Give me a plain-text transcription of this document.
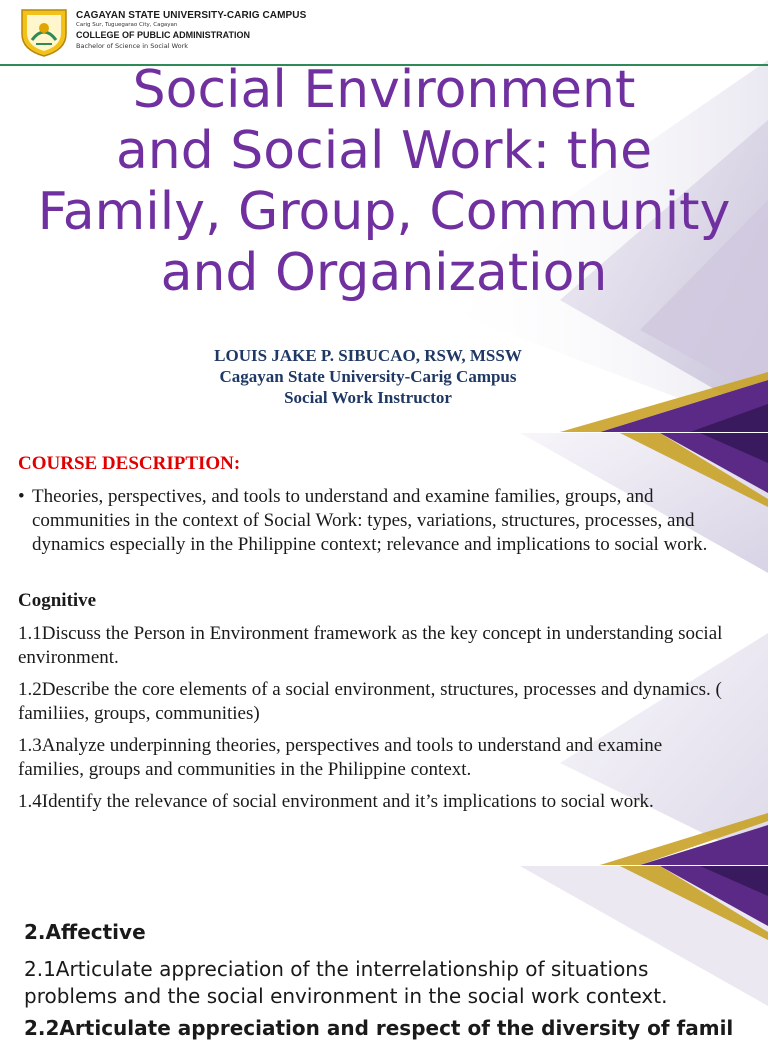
CAGAYAN STATE UNIVERSITY-CARIG CAMPUS
Carig Sur, Tuguegarao City, Cagayan
COLLEGE OF PUBLIC ADMINISTRATION
Bachelor of Science in Social Work
Social Environment
and Social Work: the
Family, Group, Community
and Organization
LOUIS JAKE P. SIBUCAO, RSW, MSSW
Cagayan State University-Carig Campus
Social Work Instructor
COURSE DESCRIPTION:
• Theories, perspectives, and tools to understand and examine families, groups, and communities in the context of Social Work: types, variations, structures, processes, and dynamics especially in the Philippine context; relevance and implications to social work.
Cognitive
1.1Discuss the Person in Environment framework as the key concept in understanding social environment.
1.2Describe the core elements of a social environment, structures, processes and dynamics. ( familiies, groups, communities)
1.3Analyze underpinning theories, perspectives and tools to understand and examine families, groups and communities in the Philippine context.
1.4Identify the relevance of social environment and it’s implications to social work.
2.Affective
2.1Articulate appreciation of the interrelationship of situations problems and the social environment in the social work context.
2.2Articulate appreciation and respect of the diversity of famil
